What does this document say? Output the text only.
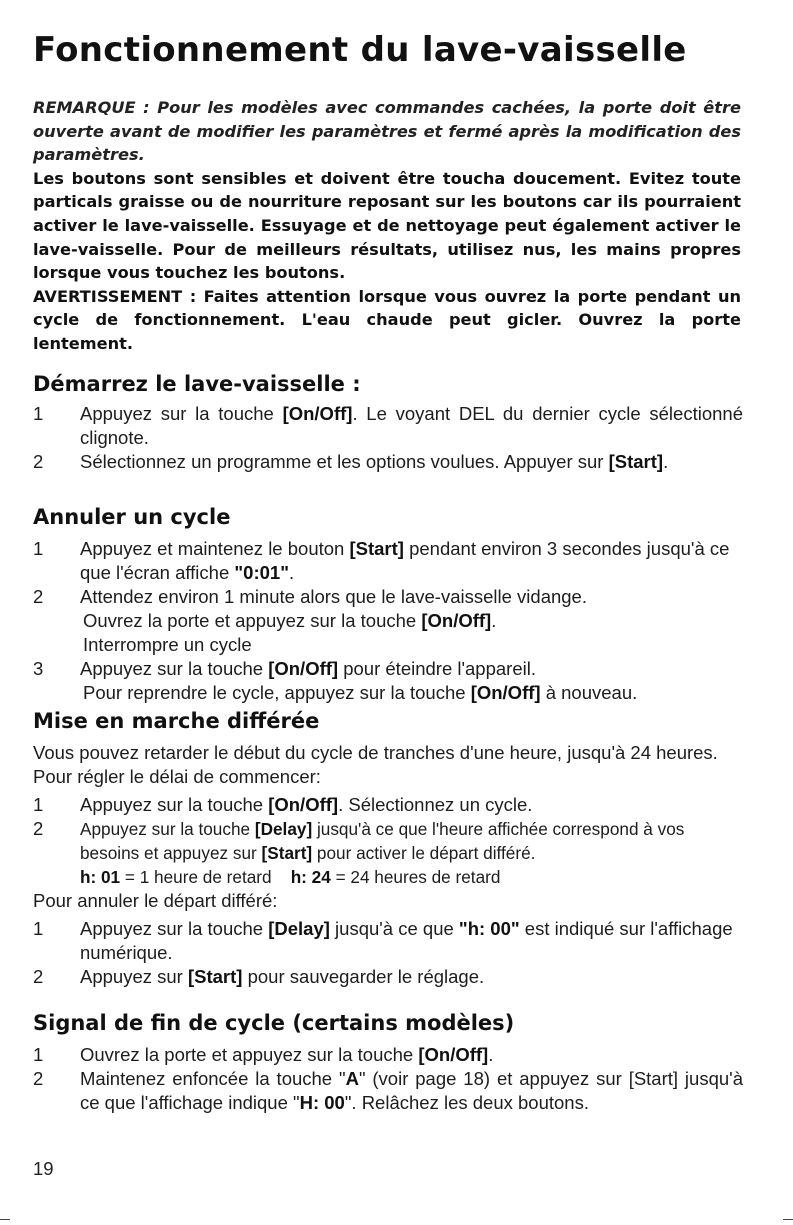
Fonctionnement du lave-vaisselle

REMARQUE : Pour les modèles avec commandes cachées, la porte doit être ouverte avant de modifier les paramètres et fermé après la modification des paramètres.

Les boutons sont sensibles et doivent être toucha doucement. Evitez toute particals graisse ou de nourriture reposant sur les boutons car ils pourraient activer le lave-vaisselle. Essuyage et de nettoyage peut également activer le lave-vaisselle. Pour de meilleurs résultats, utilisez nus, les mains propres lorsque vous touchez les boutons.

AVERTISSEMENT : Faites attention lorsque vous ouvrez la porte pendant un cycle de fonctionnement. L'eau chaude peut gicler. Ouvrez la porte lentement.

Démarrez le lave-vaisselle :
1 Appuyez sur la touche [On/Off]. Le voyant DEL du dernier cycle sélectionné clignote.
2 Sélectionnez un programme et les options voulues. Appuyer sur [Start].
Annuler un cycle
1 Appuyez et maintenez le bouton [Start] pendant environ 3 secondes jusqu'à ce que l'écran affiche "0:01".
2 Attendez environ 1 minute alors que le lave-vaisselle vidange.

Ouvrez la porte et appuyez sur la touche [On/Off].

Interrompre un cycle

3 Appuyez sur la touche [On/Off] pour éteindre l'appareil.

Pour reprendre le cycle, appuyez sur la touche [On/Off] à nouveau.

Mise en marche différée

Vous pouvez retarder le début du cycle de tranches d'une heure, jusqu'à 24 heures.

Pour régler le délai de commencer:

1 Appuyez sur la touche [On/Off]. Sélectionnez un cycle.
2 Appuyez sur la touche [Delay] jusqu'à ce que l'heure affichée correspond à vos besoins et appuyez sur [Start] pour activer le départ différé.

h: 01 = 1 heure de retard h: 24 = 24 heures de retard

Pour annuler le départ différé:

1 Appuyez sur la touche [Delay] jusqu'à ce que "h: 00" est indiqué sur l'affichage numérique.
2 Appuyez sur [Start] pour sauvegarder le réglage.
Signal de fin de cycle (certains modèles)
1 Ouvrez la porte et appuyez sur la touche [On/Off].
2 Maintenez enfoncée la touche "A" (voir page 18) et appuyez sur [Start] jusqu'à ce que l'affichage indique "H: 00". Relâchez les deux boutons.
19
